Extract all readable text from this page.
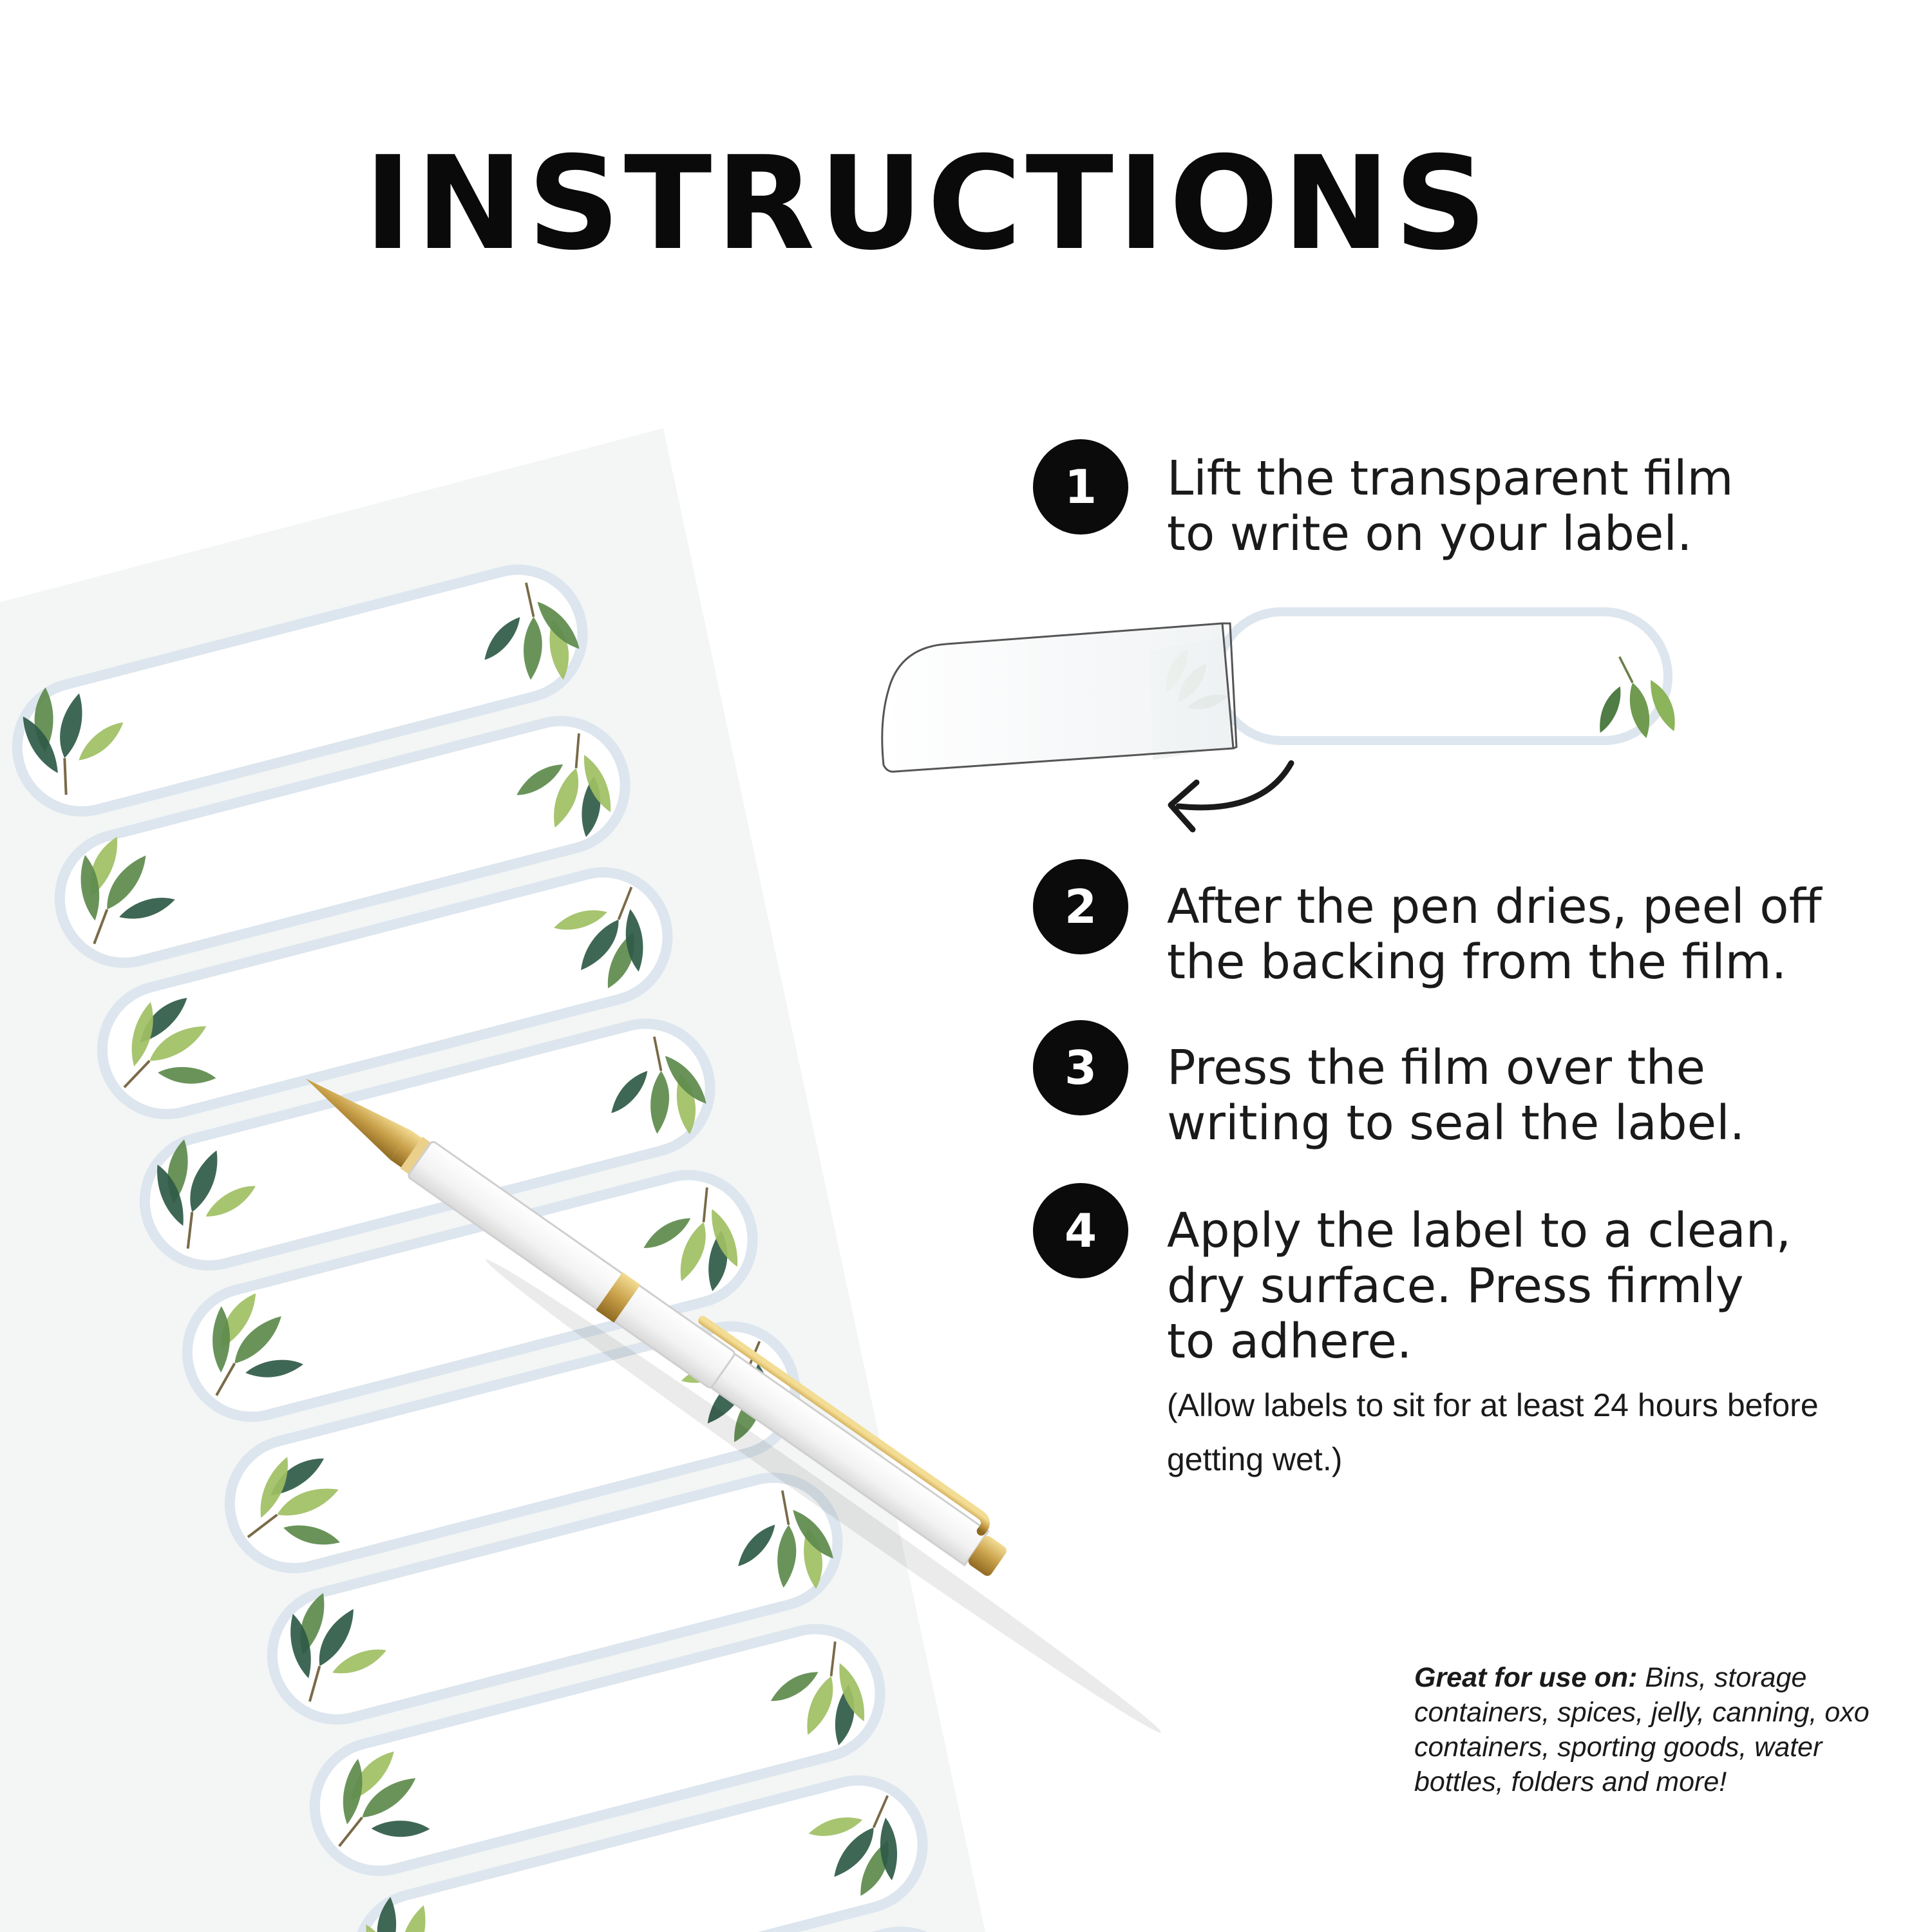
INSTRUCTIONS
1	Lift the transparent film
to write on your label.
2	After the pen dries, peel off
the backing from the film.
3	Press the film over the
writing to seal the label.
4	Apply the label to a clean,
dry surface. Press firmly
to adhere.
(Allow labels to sit for at least 24 hours before getting wet.)
Great for use on: Bins, storage containers, spices, jelly, canning, oxo containers, sporting goods, water bottles, folders and more!
